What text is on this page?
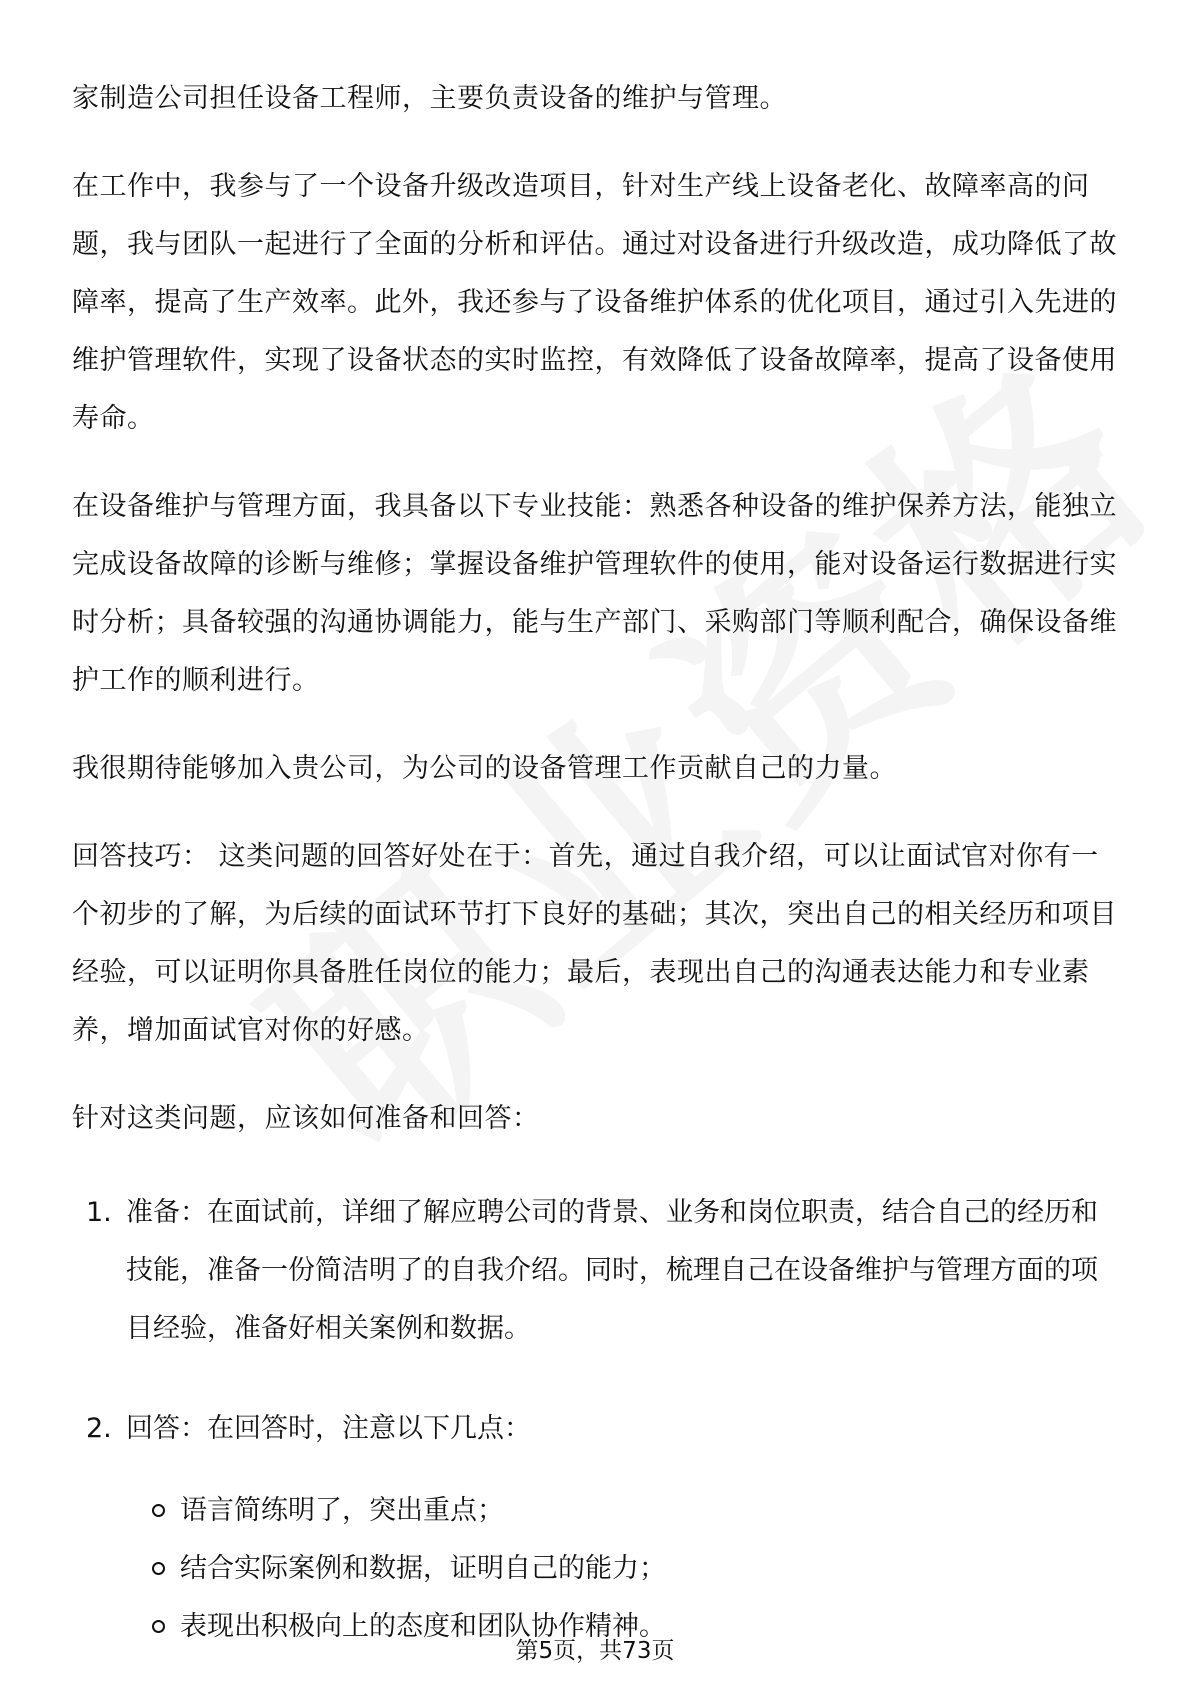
家制造公司担任设备工程师，主要负责设备的维护与管理。

在工作中，我参与了一个设备升级改造项目，针对生产线上设备老化、故障率高的问题，我与团队一起进行了全面的分析和评估。通过对设备进行升级改造，成功降低了故障率，提高了生产效率。此外，我还参与了设备维护体系的优化项目，通过引入先进的维护管理软件，实现了设备状态的实时监控，有效降低了设备故障率，提高了设备使用寿命。

在设备维护与管理方面，我具备以下专业技能：熟悉各种设备的维护保养方法，能独立完成设备故障的诊断与维修；掌握设备维护管理软件的使用，能对设备运行数据进行实时分析；具备较强的沟通协调能力，能与生产部门、采购部门等顺利配合，确保设备维护工作的顺利进行。

我很期待能够加入贵公司，为公司的设备管理工作贡献自己的力量。

回答技巧： 这类问题的回答好处在于：首先，通过自我介绍，可以让面试官对你有一个初步的了解，为后续的面试环节打下良好的基础；其次，突出自己的相关经历和项目经验，可以证明你具备胜任岗位的能力；最后，表现出自己的沟通表达能力和专业素养，增加面试官对你的好感。

针对这类问题，应该如何准备和回答：

1. 准备：在面试前，详细了解应聘公司的背景、业务和岗位职责，结合自己的经历和技能，准备一份简洁明了的自我介绍。同时，梳理自己在设备维护与管理方面的项目经验，准备好相关案例和数据。
2. 回答：在回答时，注意以下几点：
语言简练明了，突出重点；
结合实际案例和数据，证明自己的能力；
表现出积极向上的态度和团队协作精神。
第5页，共73页
